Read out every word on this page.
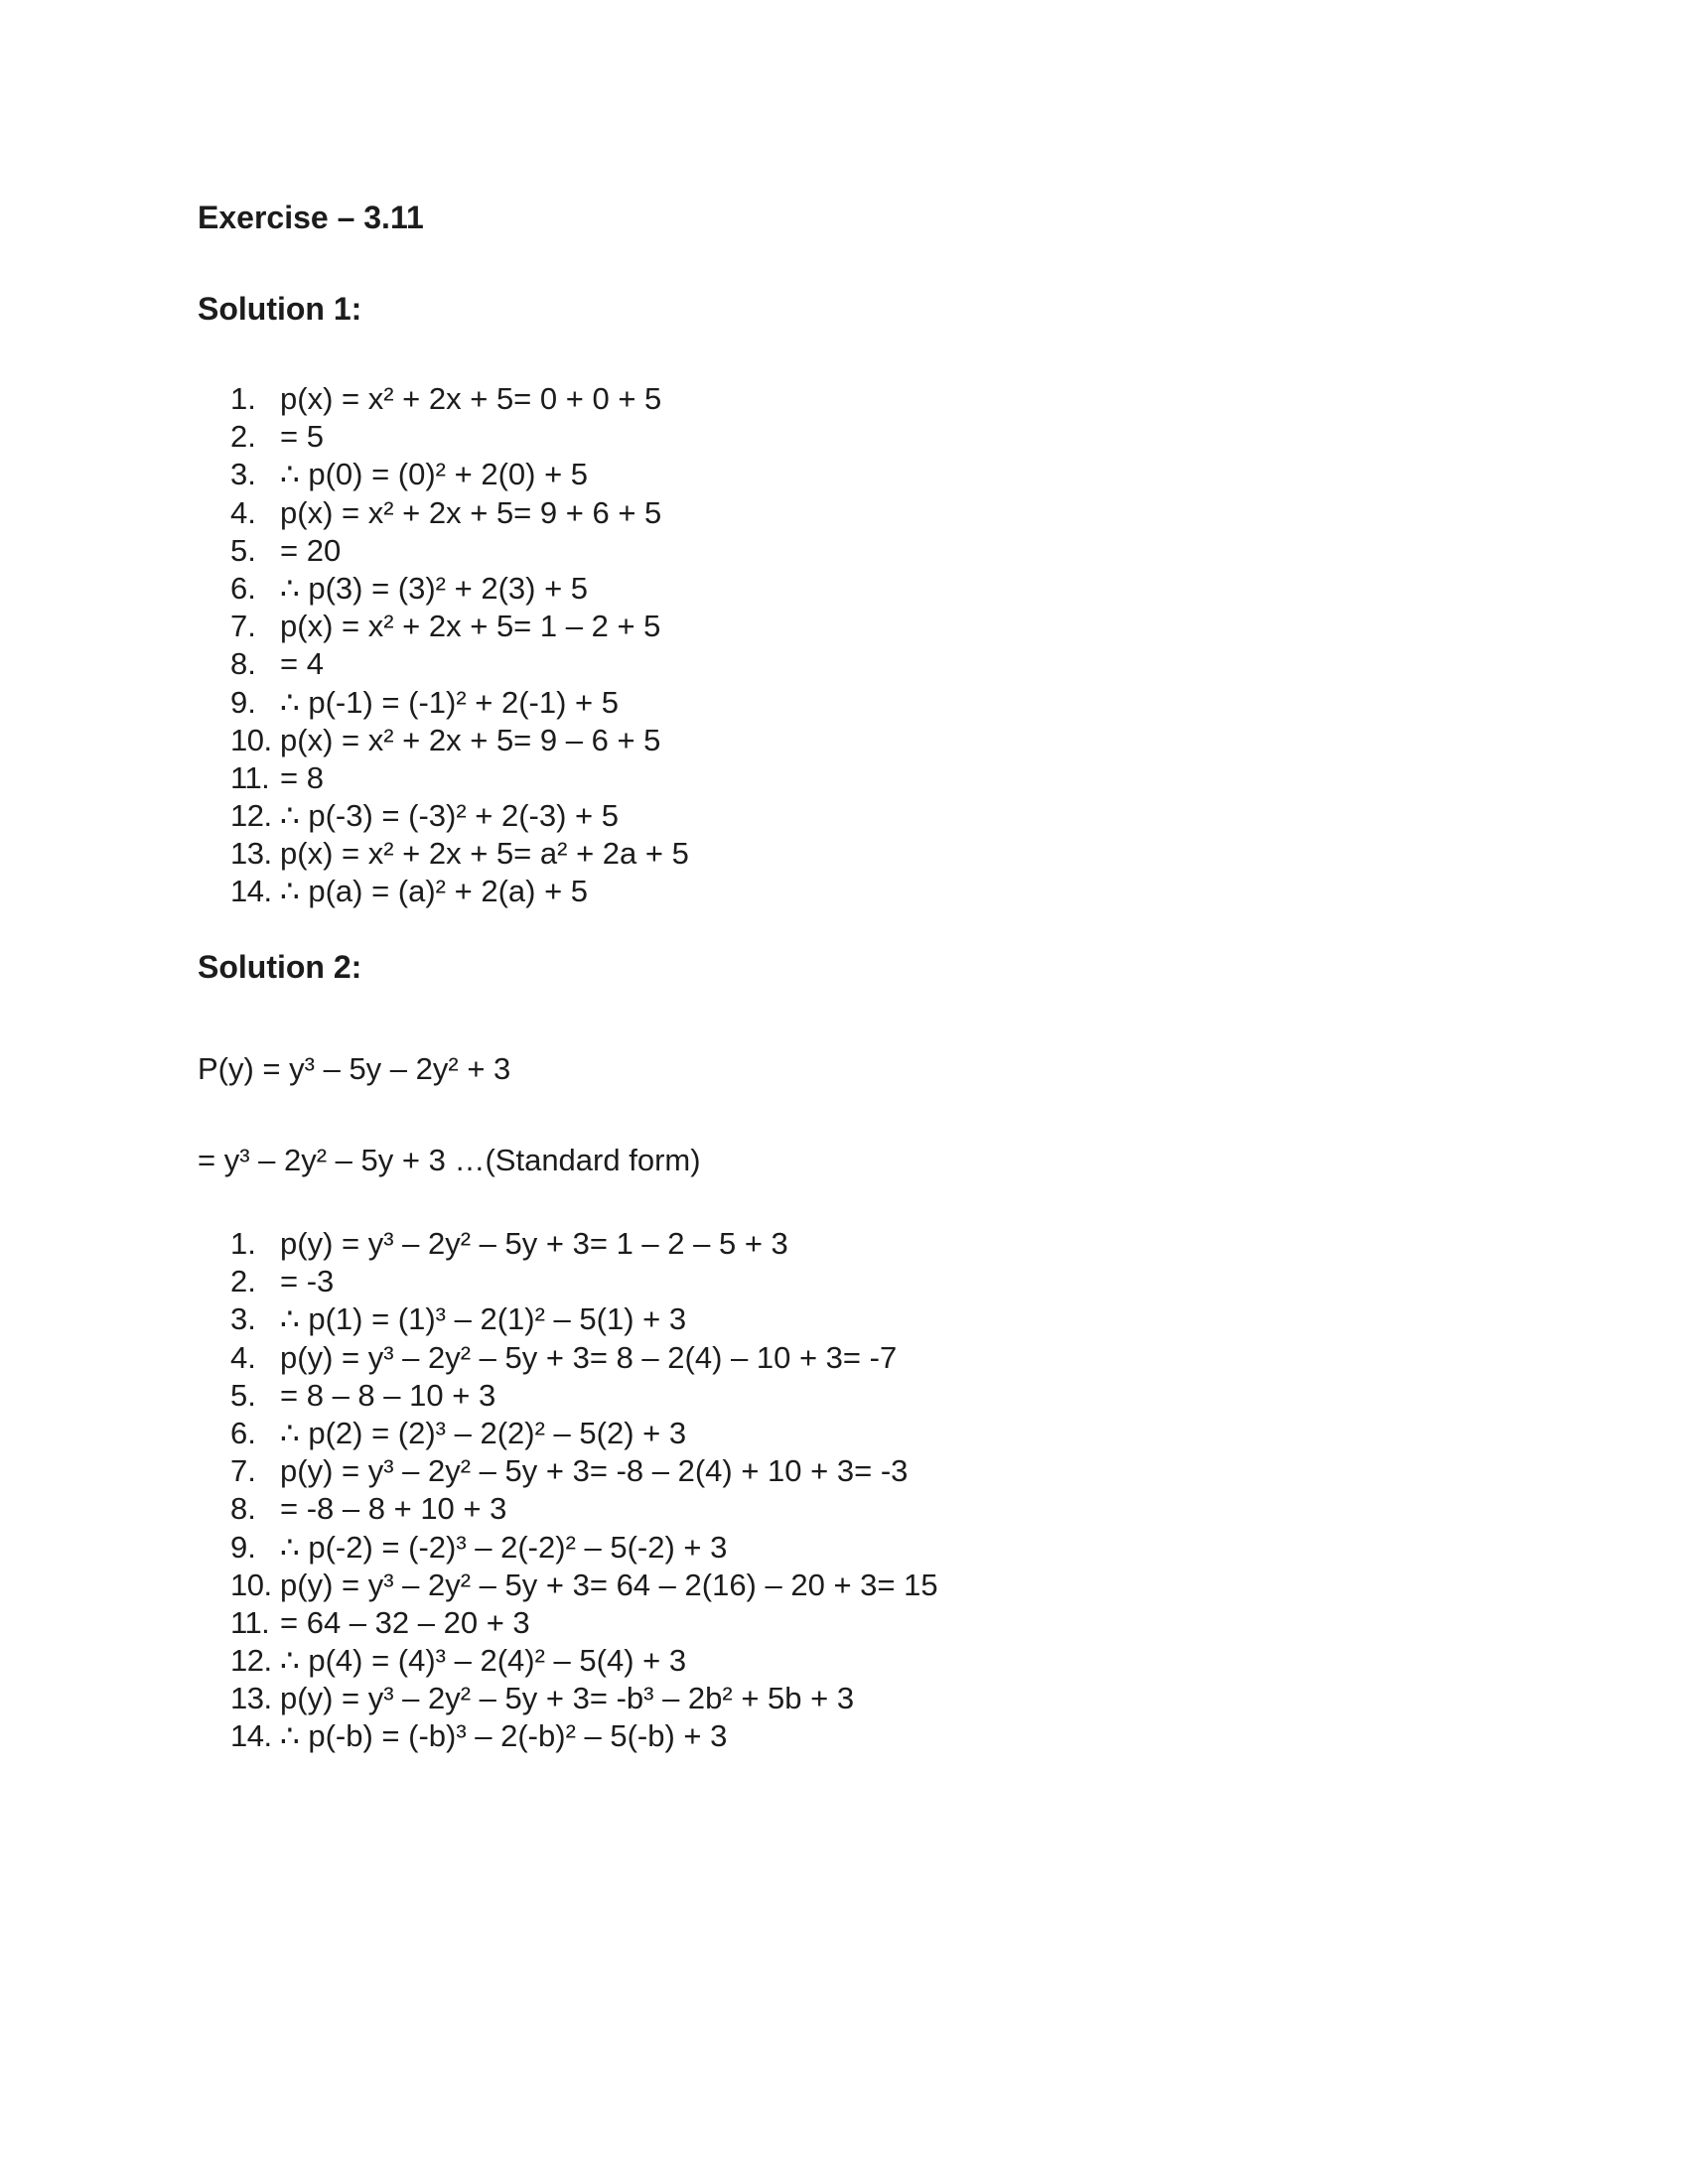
Exercise – 3.11
Solution 1:
1. p(x) = x² + 2x + 5= 0 + 0 + 5
2. = 5
3. ∴ p(0) = (0)² + 2(0) + 5
4. p(x) = x² + 2x + 5= 9 + 6 + 5
5. = 20
6. ∴ p(3) = (3)² + 2(3) + 5
7. p(x) = x² + 2x + 5= 1 – 2 + 5
8. = 4
9. ∴ p(-1) = (-1)² + 2(-1) + 5
10. p(x) = x² + 2x + 5= 9 – 6 + 5
11. = 8
12. ∴ p(-3) = (-3)² + 2(-3) + 5
13. p(x) = x² + 2x + 5= a² + 2a + 5
14. ∴ p(a) = (a)² + 2(a) + 5
Solution 2:

P(y) = y³ – 5y – 2y² + 3

= y³ – 2y² – 5y + 3 …(Standard form)

1. p(y) = y³ – 2y² – 5y + 3= 1 – 2 – 5 + 3
2. = -3
3. ∴ p(1) = (1)³ – 2(1)² – 5(1) + 3
4. p(y) = y³ – 2y² – 5y + 3= 8 – 2(4) – 10 + 3= -7
5. = 8 – 8 – 10 + 3
6. ∴ p(2) = (2)³ – 2(2)² – 5(2) + 3
7. p(y) = y³ – 2y² – 5y + 3= -8 – 2(4) + 10 + 3= -3
8. = -8 – 8 + 10 + 3
9. ∴ p(-2) = (-2)³ – 2(-2)² – 5(-2) + 3
10. p(y) = y³ – 2y² – 5y + 3= 64 – 2(16) – 20 + 3= 15
11. = 64 – 32 – 20 + 3
12. ∴ p(4) = (4)³ – 2(4)² – 5(4) + 3
13. p(y) = y³ – 2y² – 5y + 3= -b³ – 2b² + 5b + 3
14. ∴ p(-b) = (-b)³ – 2(-b)² – 5(-b) + 3
